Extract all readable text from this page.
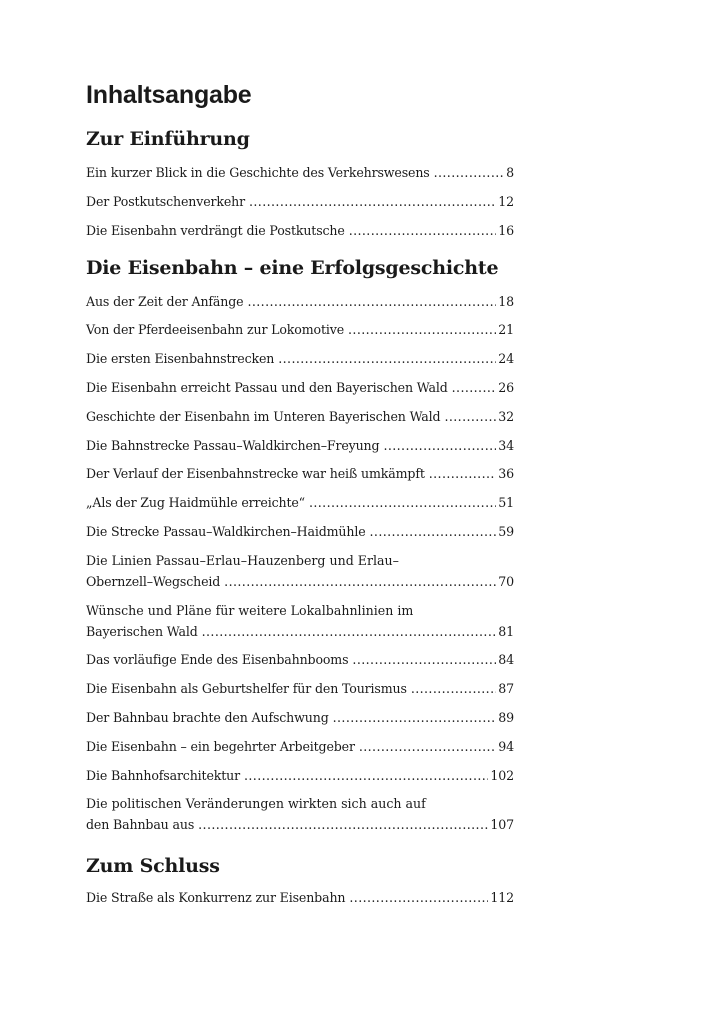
Inhaltsangabe
Zur Einführung
Ein kurzer Blick in die Geschichte des Verkehrswesens .....	8
Der Postkutschenverkehr .....	12
Die Eisenbahn verdrängt die Postkutsche .....	16
Die Eisenbahn – eine Erfolgsgeschichte
Aus der Zeit der Anfänge .....	18
Von der Pferdeeisenbahn zur Lokomotive .....	21
Die ersten Eisenbahnstrecken .....	24
Die Eisenbahn erreicht Passau und den Bayerischen Wald .....	26
Geschichte der Eisenbahn im Unteren Bayerischen Wald .....	32
Die Bahnstrecke Passau–Waldkirchen–Freyung .....	34
Der Verlauf der Eisenbahnstrecke war heiß umkämpft .....	36
„Als der Zug Haidmühle erreichte“ .....	51
Die Strecke Passau–Waldkirchen–Haidmühle .....	59
Die Linien Passau–Erlau–Hauzenberg und Erlau–
Obernzell–Wegscheid .....	70
Wünsche und Pläne für weitere Lokalbahnlinien im
Bayerischen Wald .....	81
Das vorläufige Ende des Eisenbahnbooms .....	84
Die Eisenbahn als Geburtshelfer für den Tourismus .....	87
Der Bahnbau brachte den Aufschwung .....	89
Die Eisenbahn – ein begehrter Arbeitgeber .....	94
Die Bahnhofsarchitektur .....	102
Die politischen Veränderungen wirkten sich auch auf
den Bahnbau aus .....	107
Zum Schluss
Die Straße als Konkurrenz zur Eisenbahn .....	112
